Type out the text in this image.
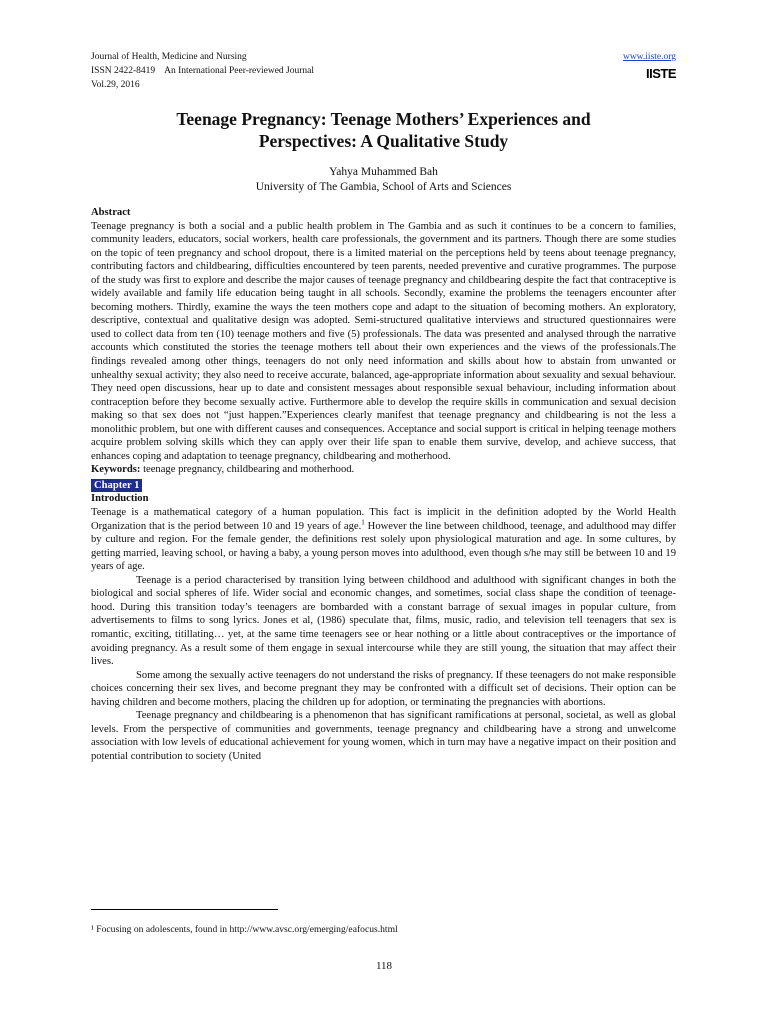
Journal of Health, Medicine and Nursing
ISSN 2422-8419 An International Peer-reviewed Journal
Vol.29, 2016
www.iiste.org
IISTE
Teenage Pregnancy: Teenage Mothers’ Experiences and
Perspectives: A Qualitative Study
Yahya Muhammed Bah
University of The Gambia, School of Arts and Sciences
Abstract

Teenage pregnancy is both a social and a public health problem in The Gambia and as such it continues to be a concern to families, community leaders, educators, social workers, health care professionals, the government and its partners. Though there are some studies on the topic of teen pregnancy and school dropout, there is a limited material on the perceptions held by teens about teenage pregnancy, contributing factors and childbearing, difficulties encountered by teen parents, needed preventive and curative programmes. The purpose of the study was first to explore and describe the major causes of teenage pregnancy and childbearing despite the fact that contraceptive is widely available and family life education being taught in all schools. Secondly, examine the problems the teenagers encounter after becoming mothers. Thirdly, examine the ways the teen mothers cope and adapt to the situation of becoming mothers. An exploratory, descriptive, contextual and qualitative design was adopted. Semi-structured qualitative interviews and structured questionnaires were used to collect data from ten (10) teenage mothers and five (5) professionals. The data was presented and analysed through the narrative accounts which constituted the stories the teenage mothers tell about their own experiences and the views of the professionals.The findings revealed among other things, teenagers do not only need information and skills about how to abstain from unwanted or unhealthy sexual activity; they also need to receive accurate, balanced, age-appropriate information about sexuality and sexual behaviour. They need open discussions, hear up to date and consistent messages about responsible sexual behaviour, including information about contraception before they become sexually active. Furthermore able to develop the require skills in communication and sexual decision making so that sex does not “just happen.”Experiences clearly manifest that teenage pregnancy and childbearing is not the less a monolithic problem, but one with different causes and consequences. Acceptance and social support is critical in helping teenage mothers acquire problem solving skills which they can apply over their life span to enable them survive, develop, and achieve success, that enhances coping and adaptation to teenage pregnancy, childbearing and motherhood.

Keywords: teenage pregnancy, childbearing and motherhood.

Chapter 1
Introduction

Teenage is a mathematical category of a human population. This fact is implicit in the definition adopted by the World Health Organization that is the period between 10 and 19 years of age.$^1$ However the line between childhood, teenage, and adulthood may differ by culture and region. For the female gender, the definitions rest solely upon physiological maturation and age. In some cultures, by getting married, leaving school, or having a baby, a young person moves into adulthood, even though s/he may still be between 10 and 19 years of age.

Teenage is a period characterised by transition lying between childhood and adulthood with significant changes in both the biological and social spheres of life. Wider social and economic changes, and sometimes, social class shape the condition of teenage-hood. During this transition today’s teenagers are bombarded with a constant barrage of sexual images in popular culture, from advertisements to films to song lyrics. Jones et al, (1986) speculate that, films, music, radio, and television tell teenagers that sex is romantic, exciting, titillating… yet, at the same time teenagers see or hear nothing or a little about contraceptives or the importance of avoiding pregnancy. As a result some of them engage in sexual intercourse while they are still young, the situation that may affect their lives.

Some among the sexually active teenagers do not understand the risks of pregnancy. If these teenagers do not make responsible choices concerning their sex lives, and become pregnant they may be confronted with a difficult set of decisions. Their option can be having children and become mothers, placing the children up for adoption, or terminating the pregnancies with abortions.

Teenage pregnancy and childbearing is a phenomenon that has significant ramifications at personal, societal, as well as global levels. From the perspective of communities and governments, teenage pregnancy and childbearing have a strong and unwelcome association with low levels of educational achievement for young women, which in turn may have a negative impact on their position and potential contribution to society (United

¹ Focusing on adolescents, found in http://www.avsc.org/emerging/eafocus.html
118
